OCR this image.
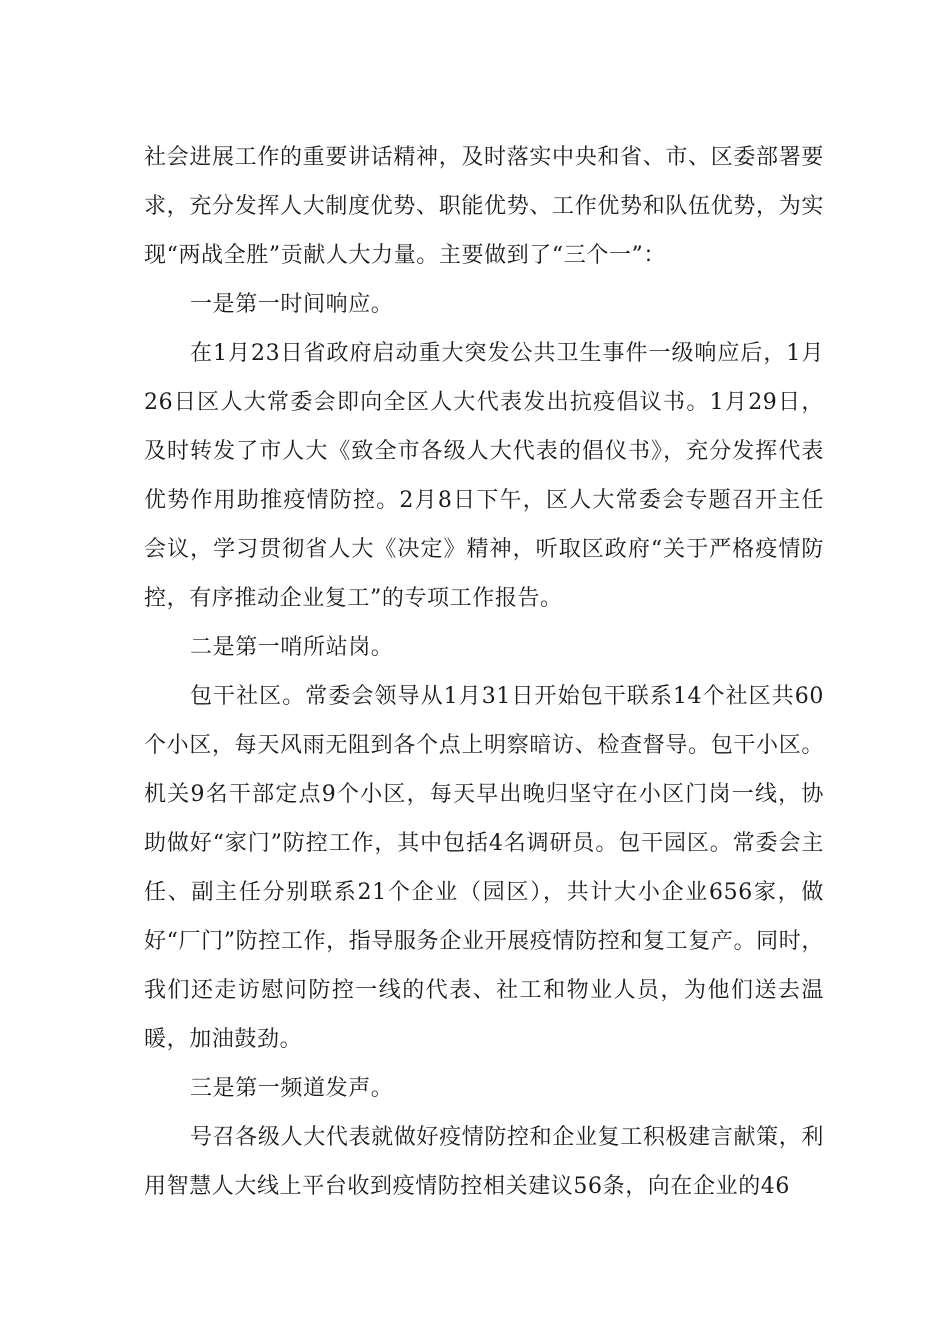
社会进展工作的重要讲话精神，及时落实中央和省、市、区委部署要求，充分发挥人大制度优势、职能优势、工作优势和队伍优势，为实现“两战全胜”贡献人大力量。主要做到了“三个一”：

一是第一时间响应。

在1月23日省政府启动重大突发公共卫生事件一级响应后，1月26日区人大常委会即向全区人大代表发出抗疫倡议书。1月29日，及时转发了市人大《致全市各级人大代表的倡仪书》，充分发挥代表优势作用助推疫情防控。2月8日下午，区人大常委会专题召开主任会议，学习贯彻省人大《决定》精神，听取区政府“关于严格疫情防控，有序推动企业复工”的专项工作报告。

二是第一哨所站岗。

包干社区。常委会领导从1月31日开始包干联系14个社区共60个小区，每天风雨无阻到各个点上明察暗访、检查督导。包干小区。机关9名干部定点9个小区，每天早出晚归坚守在小区门岗一线，协助做好“家门”防控工作，其中包括4名调研员。包干园区。常委会主任、副主任分别联系21个企业（园区），共计大小企业656家，做好“厂门”防控工作，指导服务企业开展疫情防控和复工复产。同时，我们还走访慰问防控一线的代表、社工和物业人员，为他们送去温暖，加油鼓劲。

三是第一频道发声。

号召各级人大代表就做好疫情防控和企业复工积极建言献策，利用智慧人大线上平台收到疫情防控相关建议56条，向在企业的46
